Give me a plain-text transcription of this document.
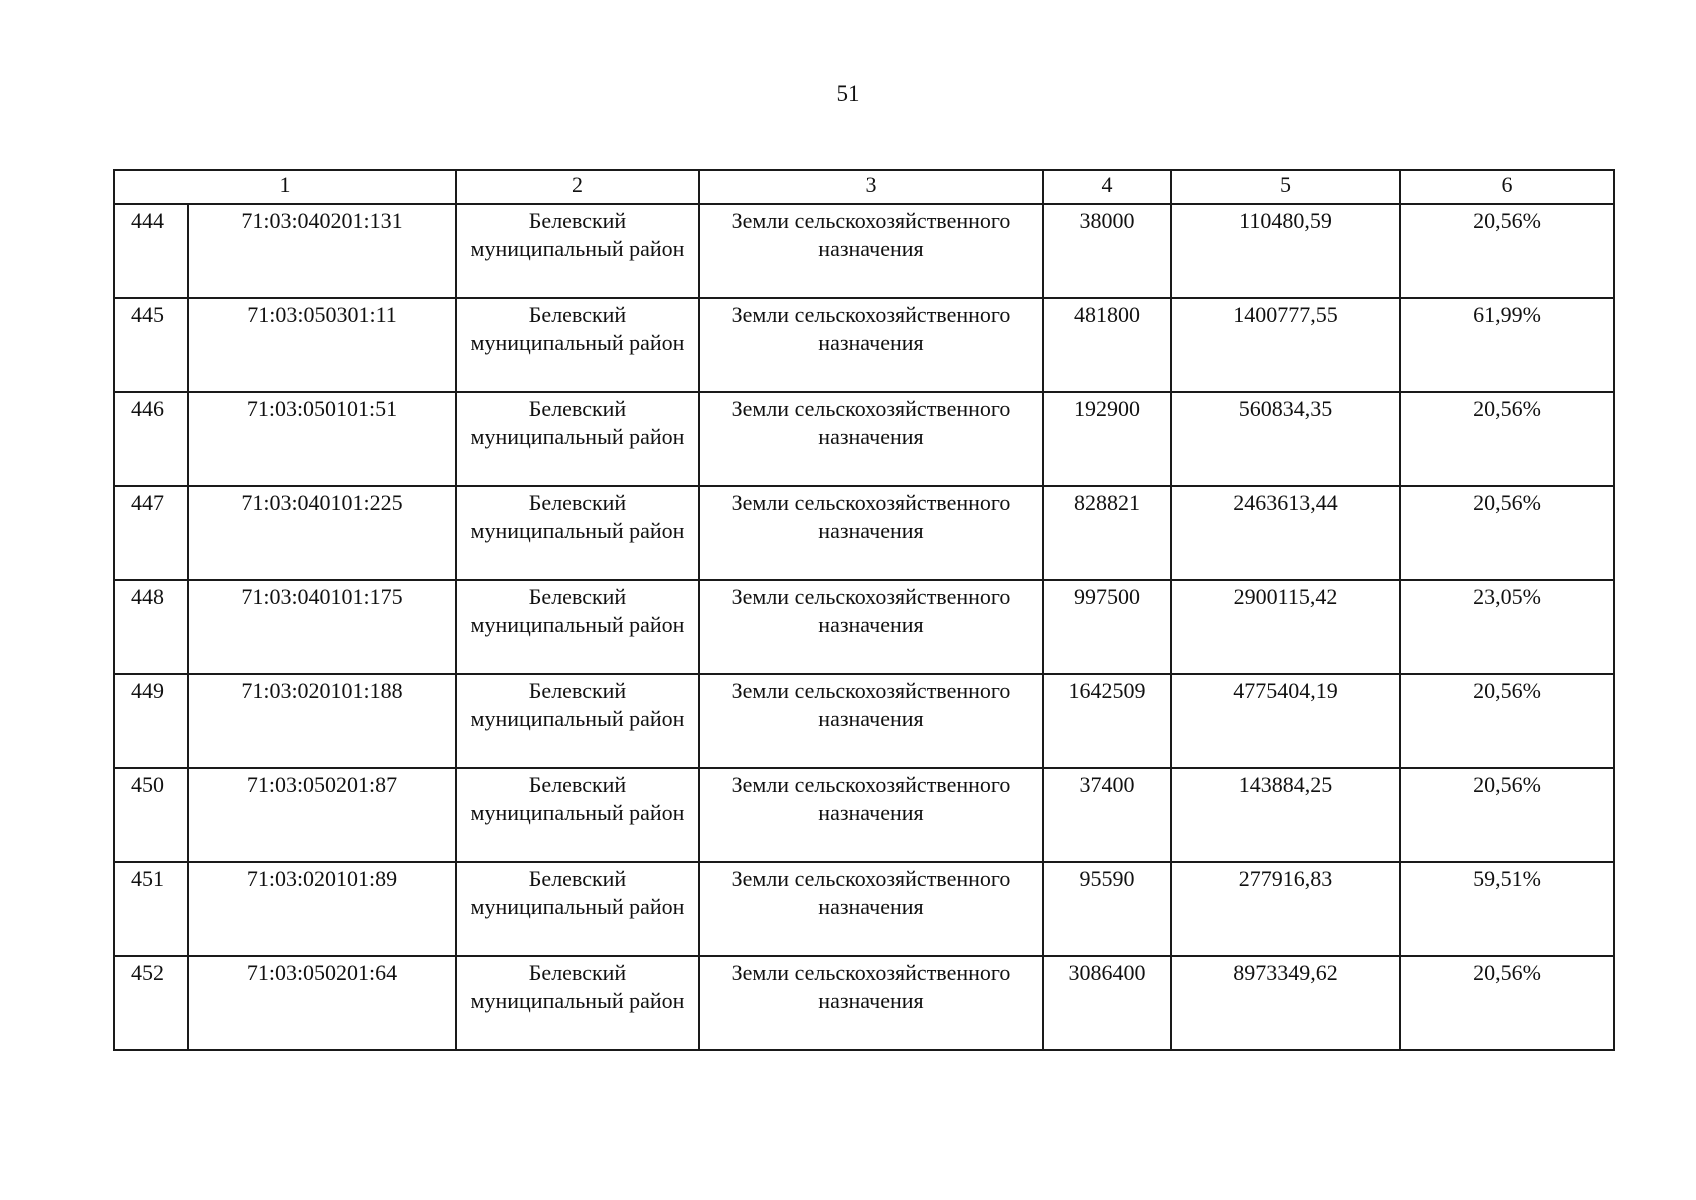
51
1		2	3	4	5	6
444	71:03:040201:131	Белевский муниципальный район	Земли сельскохозяйственного назначения	38000	110480,59	20,56%
445	71:03:050301:11	Белевский муниципальный район	Земли сельскохозяйственного назначения	481800	1400777,55	61,99%
446	71:03:050101:51	Белевский муниципальный район	Земли сельскохозяйственного назначения	192900	560834,35	20,56%
447	71:03:040101:225	Белевский муниципальный район	Земли сельскохозяйственного назначения	828821	2463613,44	20,56%
448	71:03:040101:175	Белевский муниципальный район	Земли сельскохозяйственного назначения	997500	2900115,42	23,05%
449	71:03:020101:188	Белевский муниципальный район	Земли сельскохозяйственного назначения	1642509	4775404,19	20,56%
450	71:03:050201:87	Белевский муниципальный район	Земли сельскохозяйственного назначения	37400	143884,25	20,56%
451	71:03:020101:89	Белевский муниципальный район	Земли сельскохозяйственного назначения	95590	277916,83	59,51%
452	71:03:050201:64	Белевский муниципальный район	Земли сельскохозяйственного назначения	3086400	8973349,62	20,56%
